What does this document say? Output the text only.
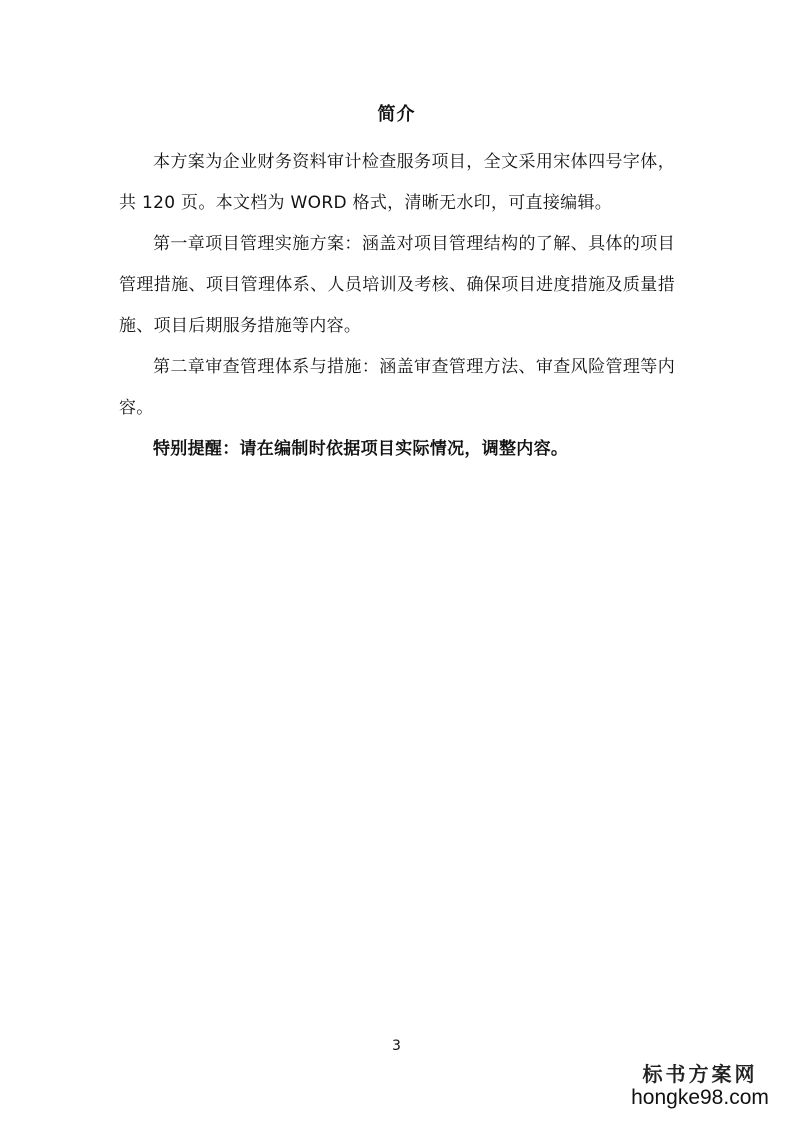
简介

本方案为企业财务资料审计检查服务项目，全文采用宋体四号字体，共 120 页。本文档为 WORD 格式，清晰无水印，可直接编辑。

第一章项目管理实施方案：涵盖对项目管理结构的了解、具体的项目管理措施、项目管理体系、人员培训及考核、确保项目进度措施及质量措施、项目后期服务措施等内容。

第二章审查管理体系与措施：涵盖审查管理方法、审查风险管理等内容。

特别提醒：请在编制时依据项目实际情况，调整内容。

3
标书方案网
hongke98.com
